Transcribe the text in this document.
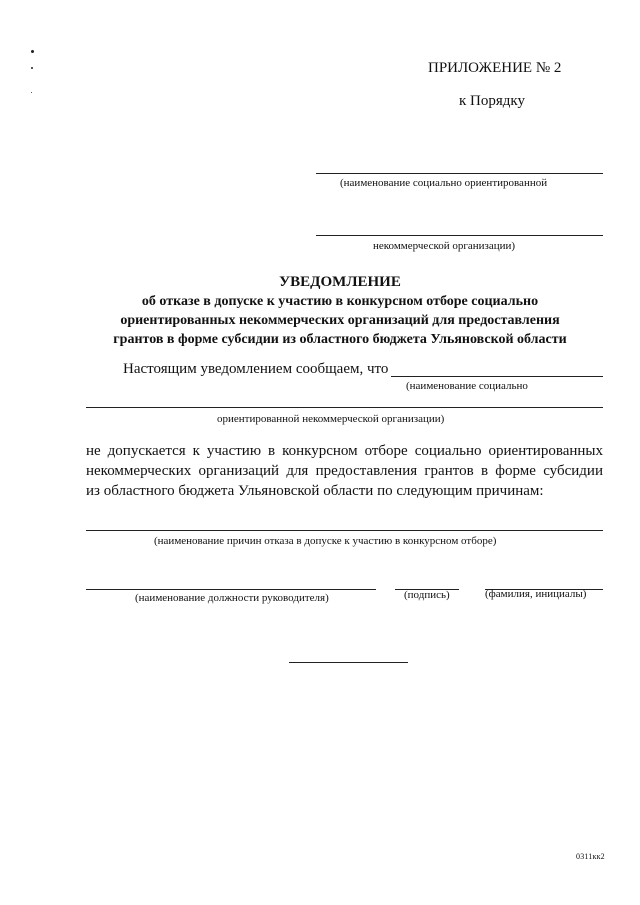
ПРИЛОЖЕНИЕ № 2
к Порядку
(наименование социально ориентированной
некоммерческой организации)
УВЕДОМЛЕНИЕ
об отказе в допуске к участию в конкурсном отборе социально
ориентированных некоммерческих организаций для предоставления
грантов в форме субсидии из областного бюджета Ульяновской области
Настоящим уведомлением сообщаем, что
(наименование социально
ориентированной некоммерческой организации)
не допускается к участию в конкурсном отборе социально ориентированных
некоммерческих организаций для предоставления грантов в форме субсидии
из областного бюджета Ульяновской области по следующим причинам:
(наименование причин отказа в допуске к участию в конкурсном отборе)
(наименование должности руководителя)	(подпись)	(фамилия, инициалы)
0311кк2
